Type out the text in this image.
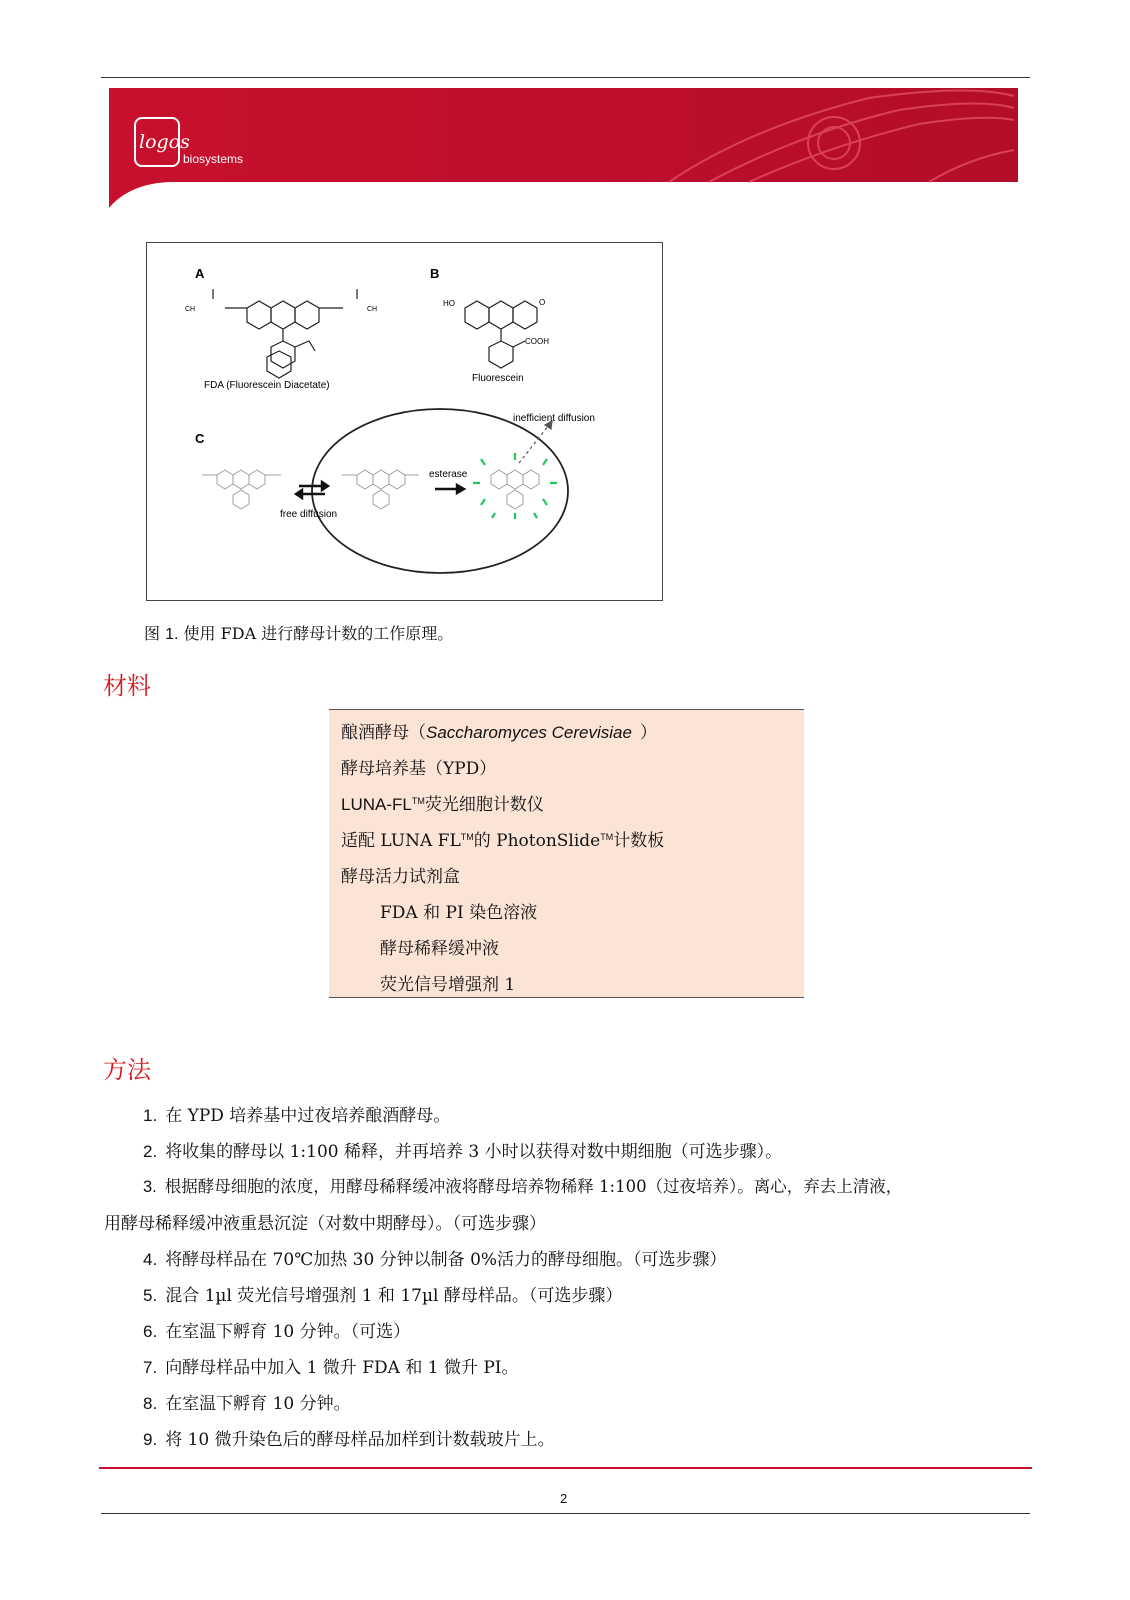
logos
biosystems
A
CH	CH
FDA (Fluorescein Diacetate)
B
HO	O
COOH
Fluorescein
C
free diffusion
esterase
inefficient diffusion
图 1. 使用 FDA 进行酵母计数的工作原理。
材料
酿酒酵母（Saccharomyces Cerevisiae ）
酵母培养基（YPD）
LUNA-FL™荧光细胞计数仪
适配 LUNA FL™的 PhotonSlide™计数板
酵母活力试剂盒
FDA 和 PI 染色溶液
酵母稀释缓冲液
荧光信号增强剂 1
方法
1. 在 YPD 培养基中过夜培养酿酒酵母。
2. 将收集的酵母以 1:100 稀释，并再培养 3 小时以获得对数中期细胞（可选步骤）。
3. 根据酵母细胞的浓度，用酵母稀释缓冲液将酵母培养物稀释 1:100（过夜培养）。离心，弃去上清液，
用酵母稀释缓冲液重悬沉淀（对数中期酵母）。（可选步骤）
4. 将酵母样品在 70℃加热 30 分钟以制备 0%活力的酵母细胞。（可选步骤）
5. 混合 1µl 荧光信号增强剂 1 和 17µl 酵母样品。（可选步骤）
6. 在室温下孵育 10 分钟。（可选）
7. 向酵母样品中加入 1 微升 FDA 和 1 微升 PI。
8. 在室温下孵育 10 分钟。
9. 将 10 微升染色后的酵母样品加样到计数载玻片上。
2
